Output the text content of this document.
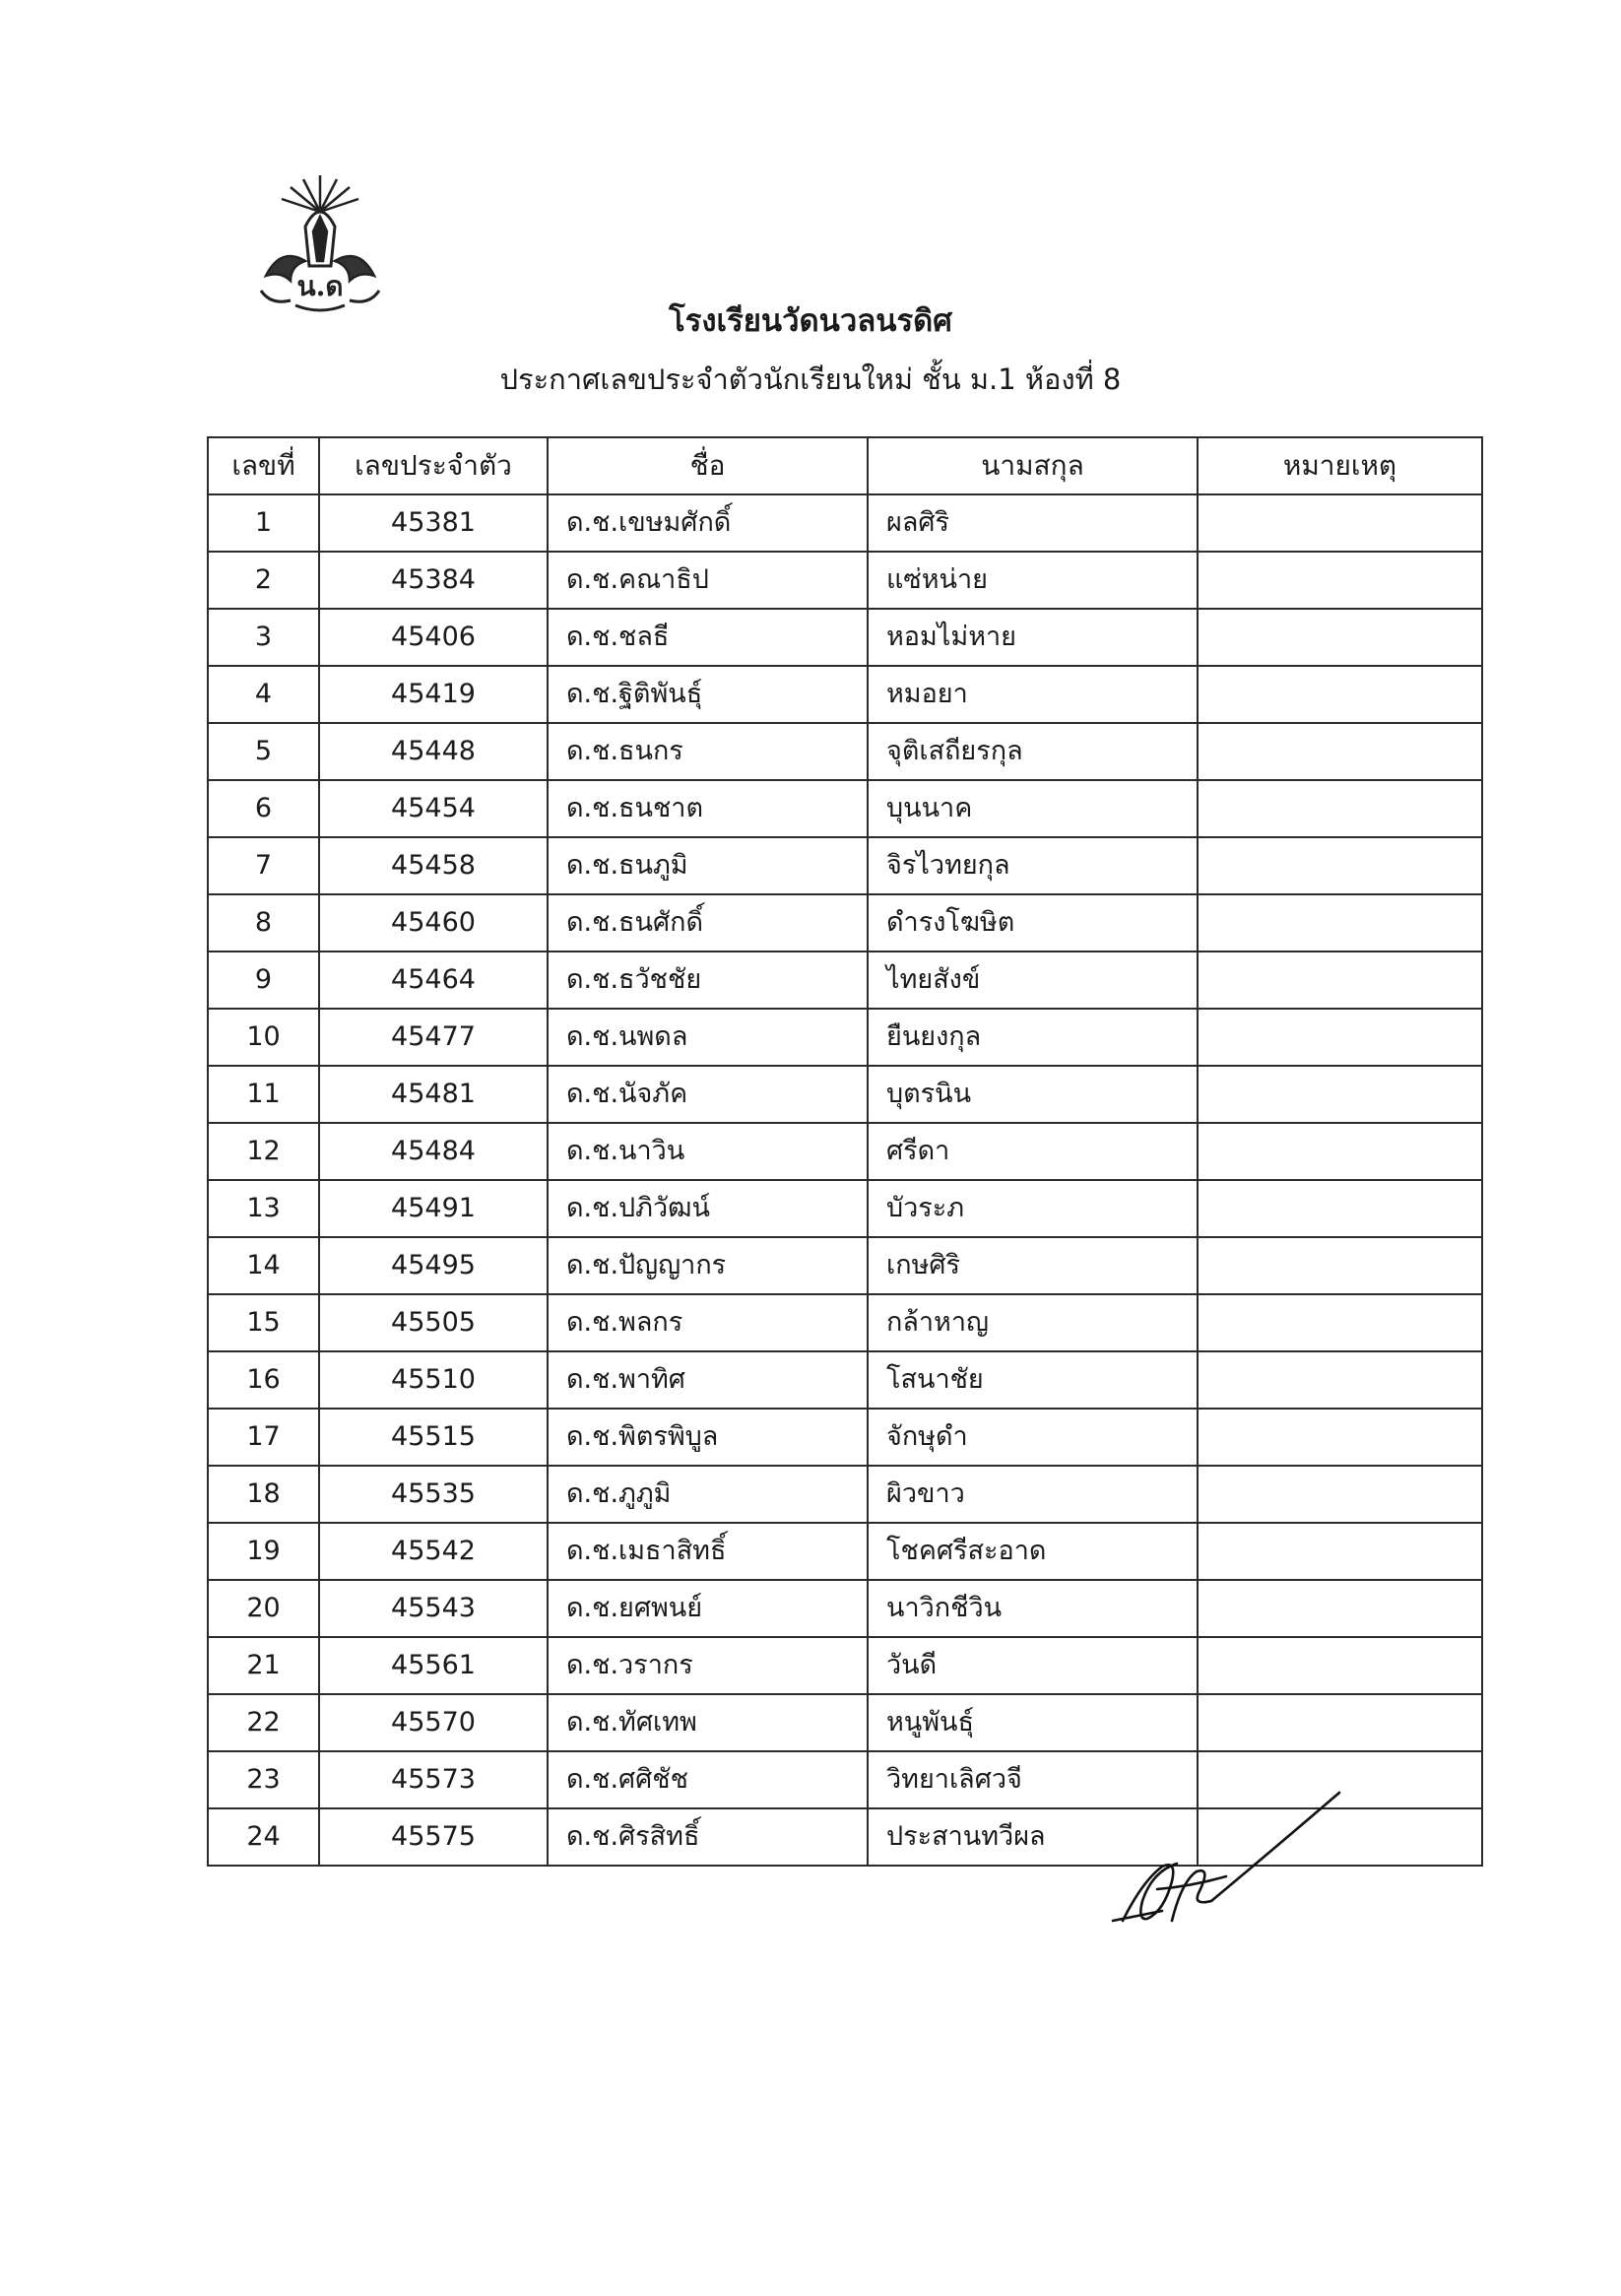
น.ด
โรงเรียนวัดนวลนรดิศ
ประกาศเลขประจำตัวนักเรียนใหม่ ชั้น ม.1 ห้องที่ 8
เลขที่	เลขประจำตัว	ชื่อ	นามสกุล	หมายเหตุ
1	45381	ด.ช.เขษมศักดิ์	ผลศิริ	
2	45384	ด.ช.คณาธิป	แซ่หน่าย	
3	45406	ด.ช.ชลธี	หอมไม่หาย	
4	45419	ด.ช.ฐิติพันธุ์	หมอยา	
5	45448	ด.ช.ธนกร	จุติเสถียรกุล	
6	45454	ด.ช.ธนชาต	บุนนาค	
7	45458	ด.ช.ธนภูมิ	จิรไวทยกุล	
8	45460	ด.ช.ธนศักดิ์	ดำรงโฆษิต	
9	45464	ด.ช.ธวัชชัย	ไทยสังข์	
10	45477	ด.ช.นพดล	ยืนยงกุล	
11	45481	ด.ช.นัจภัค	บุตรนิน	
12	45484	ด.ช.นาวิน	ศรีดา	
13	45491	ด.ช.ปภิวัฒน์	บัวระภ	
14	45495	ด.ช.ปัญญากร	เกษศิริ	
15	45505	ด.ช.พลกร	กล้าหาญ	
16	45510	ด.ช.พาทิศ	โสนาชัย	
17	45515	ด.ช.พิตรพิบูล	จักษุดำ	
18	45535	ด.ช.ภูภูมิ	ผิวขาว	
19	45542	ด.ช.เมธาสิทธิ์	โชคศรีสะอาด	
20	45543	ด.ช.ยศพนย์	นาวิกชีวิน	
21	45561	ด.ช.วรากร	วันดี	
22	45570	ด.ช.ทัศเทพ	หนูพันธุ์	
23	45573	ด.ช.ศศิชัช	วิทยาเลิศวจี	
24	45575	ด.ช.ศิรสิทธิ์	ประสานทวีผล	
